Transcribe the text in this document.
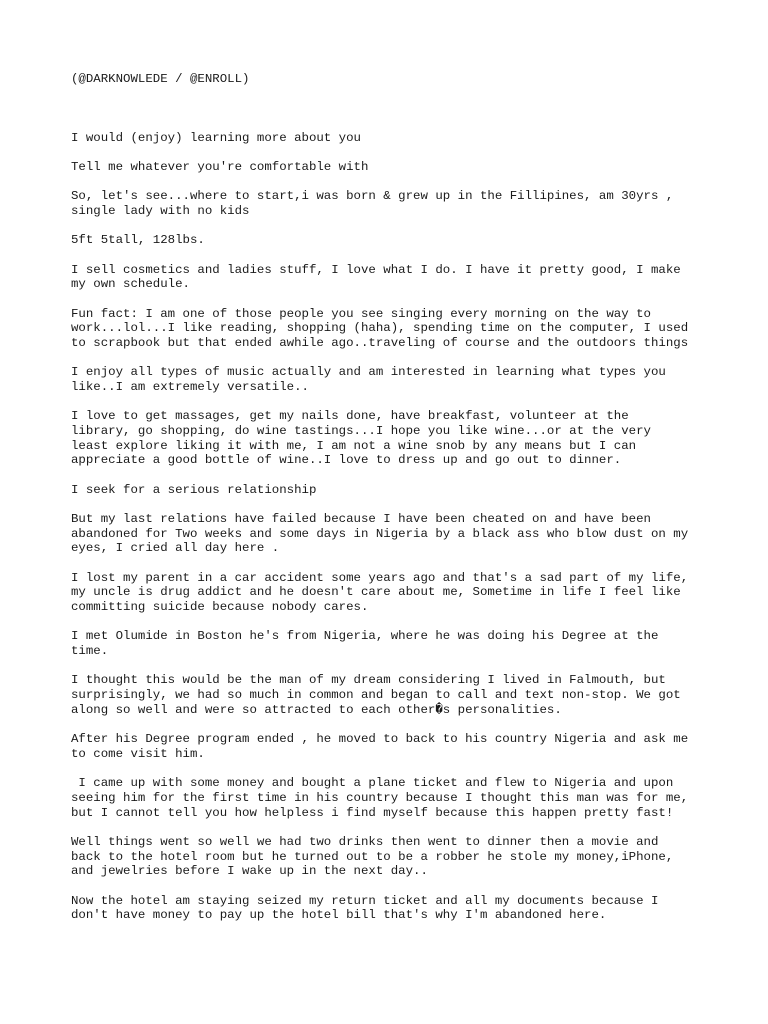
(@DARKNOWLEDE / @ENROLL)
I would (enjoy) learning more about you
Tell me whatever you're comfortable with
So, let's see...where to start,i was born & grew up in the Fillipines, am 30yrs ,
single lady with no kids
5ft 5tall, 128lbs.
I sell cosmetics and ladies stuff, I love what I do. I have it pretty good, I make
my own schedule.
Fun fact: I am one of those people you see singing every morning on the way to
work...lol...I like reading, shopping (haha), spending time on the computer, I used
to scrapbook but that ended awhile ago..traveling of course and the outdoors things
I enjoy all types of music actually and am interested in learning what types you
like..I am extremely versatile..
I love to get massages, get my nails done, have breakfast, volunteer at the
library, go shopping, do wine tastings...I hope you like wine...or at the very
least explore liking it with me, I am not a wine snob by any means but I can
appreciate a good bottle of wine..I love to dress up and go out to dinner.
I seek for a serious relationship
But my last relations have failed because I have been cheated on and have been
abandoned for Two weeks and some days in Nigeria by a black ass who blow dust on my
eyes, I cried all day here .
I lost my parent in a car accident some years ago and that's a sad part of my life,
my uncle is drug addict and he doesn't care about me, Sometime in life I feel like
committing suicide because nobody cares.
I met Olumide in Boston he's from Nigeria, where he was doing his Degree at the
time.
I thought this would be the man of my dream considering I lived in Falmouth, but
surprisingly, we had so much in common and began to call and text non-stop. We got
along so well and were so attracted to each other�s personalities.
After his Degree program ended , he moved to back to his country Nigeria and ask me
to come visit him.
I came up with some money and bought a plane ticket and flew to Nigeria and upon
seeing him for the first time in his country because I thought this man was for me,
but I cannot tell you how helpless i find myself because this happen pretty fast!
Well things went so well we had two drinks then went to dinner then a movie and
back to the hotel room but he turned out to be a robber he stole my money,iPhone,
and jewelries before I wake up in the next day..
Now the hotel am staying seized my return ticket and all my documents because I
don't have money to pay up the hotel bill that's why I'm abandoned here.
